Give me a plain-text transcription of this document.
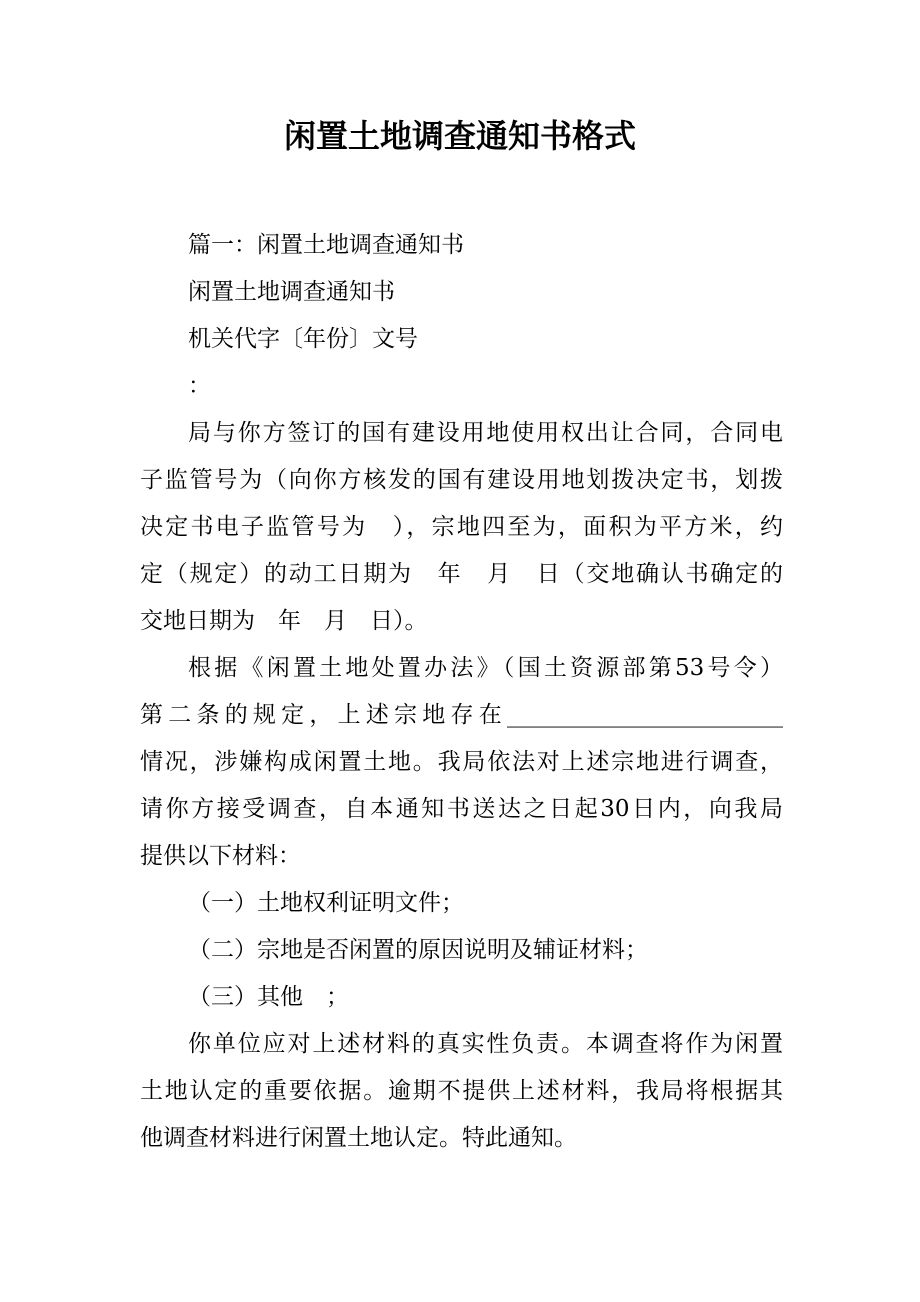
闲置土地调查通知书格式
篇一：闲置土地调查通知书
闲置土地调查通知书
机关代字〔年份〕文号
：
局与你方签订的国有建设用地使用权出让合同，合同电
子监管号为（向你方核发的国有建设用地划拨决定书，划拨
决定书电子监管号为　），宗地四至为，面积为平方米，约
定（规定）的动工日期为　年　月　日（交地确认书确定的
交地日期为　年　月　日）。
根据《闲置土地处置办法》（国土资源部第53号令）
第二条的规定，上述宗地存在________________________
情况，涉嫌构成闲置土地。我局依法对上述宗地进行调查，
请你方接受调查，自本通知书送达之日起30日内，向我局
提供以下材料：
（一）土地权利证明文件；
（二）宗地是否闲置的原因说明及辅证材料；
（三）其他　；
你单位应对上述材料的真实性负责。本调查将作为闲置
土地认定的重要依据。逾期不提供上述材料，我局将根据其
他调查材料进行闲置土地认定。特此通知。
